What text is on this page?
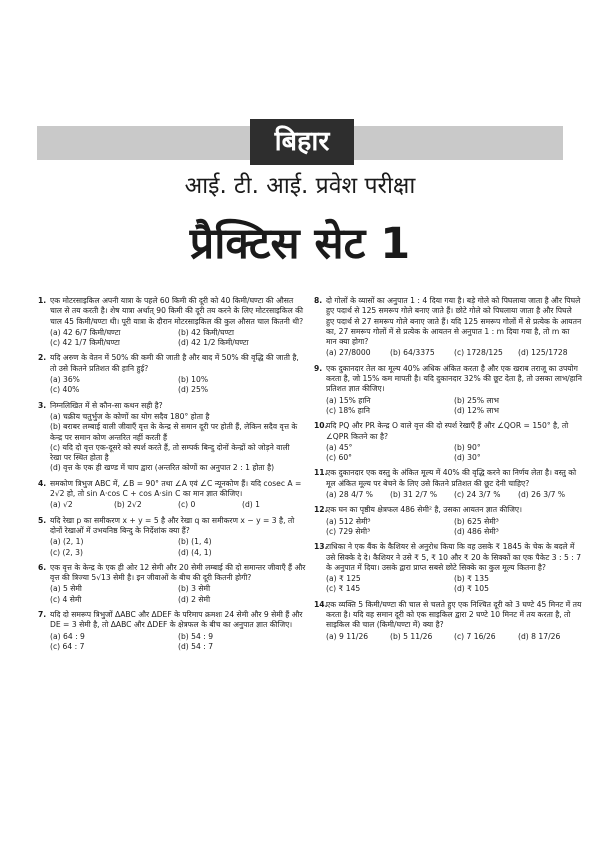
बिहार
आई. टी. आई. प्रवेश परीक्षा
प्रैक्टिस सेट 1
1. एक मोटरसाइकिल अपनी यात्रा के पहले 60 किमी की दूरी को 40 किमी/घण्टा की औसत चाल से तय करती है। शेष यात्रा अर्थात् 90 किमी की दूरी तय करने के लिए मोटरसाइकिल की चाल 45 किमी/घण्टा थी। पूरी यात्रा के दौरान मोटरसाइकिल की कुल औसत चाल कितनी थी?
(a) 42 6/7 किमी/घण्टा	(b) 42 किमी/घण्टा
(c) 42 1/7 किमी/घण्टा	(d) 42 1/2 किमी/घण्टा
2. यदि अरुण के वेतन में 50% की कमी की जाती है और बाद में 50% की वृद्धि की जाती है, तो उसे कितने प्रतिशत की हानि हुई?
(a) 36%	(b) 10%
(c) 40%	(d) 25%
3. निम्नलिखित में से कौन-सा कथन सही है?
(a) चक्रीय चतुर्भुज के कोणों का योग सदैव 180° होता है
(b) बराबर लम्बाई वाली जीवाएँ वृत्त के केन्द्र से समान दूरी पर होती हैं, लेकिन सदैव वृत्त के केन्द्र पर समान कोण अन्तरित नहीं करती हैं
(c) यदि दो वृत्त एक-दूसरे को स्पर्श करते हैं, तो सम्पर्क बिन्दु दोनों केन्द्रों को जोड़ने वाली रेखा पर स्थित होता है
(d) वृत्त के एक ही खण्ड में चाप द्वारा (अन्तरित कोणों का अनुपात 2 : 1 होता है)
4. समकोण त्रिभुज ABC में, ∠B = 90° तथा ∠A एवं ∠C न्यूनकोण हैं। यदि cosec A = 2√2 हो, तो sin A·cos C + cos A·sin C का मान ज्ञात कीजिए।
(a) √2	(b) 2√2	(c) 0	(d) 1
5. यदि रेखा p का समीकरण x + y = 5 है और रेखा q का समीकरण x − y = 3 है, तो दोनों रेखाओं में उभयनिष्ठ बिन्दु के निर्देशांक क्या हैं?
(a) (2, 1)	(b) (1, 4)
(c) (2, 3)	(d) (4, 1)
6. एक वृत्त के केन्द्र के एक ही ओर 12 सेमी और 20 सेमी लम्बाई की दो समान्तर जीवाएँ हैं और वृत्त की त्रिज्या 5√13 सेमी है। इन जीवाओं के बीच की दूरी कितनी होगी?
(a) 5 सेमी	(b) 3 सेमी
(c) 4 सेमी	(d) 2 सेमी
7. यदि दो समरूप त्रिभुजों ΔABC और ΔDEF के परिमाप क्रमशः 24 सेमी और 9 सेमी हैं और DE = 3 सेमी है, तो ΔABC और ΔDEF के क्षेत्रफल के बीच का अनुपात ज्ञात कीजिए।
(a) 64 : 9	(b) 54 : 9
(c) 64 : 7	(d) 54 : 7
8. दो गोलों के व्यासों का अनुपात 1 : 4 दिया गया है। बड़े गोले को पिघलाया जाता है और पिघले हुए पदार्थ से 125 समरूप गोले बनाए जाते हैं। छोटे गोले को पिघलाया जाता है और पिघले हुए पदार्थ से 27 समरूप गोले बनाए जाते हैं। यदि 125 समरूप गोलों में से प्रत्येक के आयतन का, 27 समरूप गोलों में से प्रत्येक के आयतन से अनुपात 1 : m दिया गया है, तो m का मान क्या होगा?
(a) 27/8000	(b) 64/3375	(c) 1728/125	(d) 125/1728
9. एक दुकानदार तेल का मूल्य 40% अधिक अंकित करता है और एक खराब तराजू का उपयोग करता है, जो 15% कम मापती है। यदि दुकानदार 32% की छूट देता है, तो उसका लाभ/हानि प्रतिशत ज्ञात कीजिए।
(a) 15% हानि	(b) 25% लाभ
(c) 18% हानि	(d) 12% लाभ
10.
यदि PQ और PR केन्द्र O वाले वृत्त की दो स्पर्श रेखाएँ हैं और ∠QOR = 150° है, तो ∠QPR कितने का है?
(a) 45°	(b) 90°
(c) 60°	(d) 30°
11.
एक दुकानदार एक वस्तु के अंकित मूल्य में 40% की वृद्धि करने का निर्णय लेता है। वस्तु को मूल अंकित मूल्य पर बेचने के लिए उसे कितने प्रतिशत की छूट देनी चाहिए?
(a) 28 4/7 %	(b) 31 2/7 %	(c) 24 3/7 %	(d) 26 3/7 %
12.
एक घन का पृष्ठीय क्षेत्रफल 486 सेमी² है, उसका आयतन ज्ञात कीजिए।
(a) 512 सेमी³	(b) 625 सेमी³
(c) 729 सेमी³	(d) 486 सेमी³
13.
राधिका ने एक बैंक के कैशियर से अनुरोध किया कि वह उसके ₹ 1845 के चेक के बदले में उसे सिक्के दे दे। कैशियर ने उसे ₹ 5, ₹ 10 और ₹ 20 के सिक्कों का एक पैकेट 3 : 5 : 7 के अनुपात में दिया। उसके द्वारा प्राप्त सबसे छोटे सिक्के का कुल मूल्य कितना है?
(a) ₹ 125	(b) ₹ 135
(c) ₹ 145	(d) ₹ 105
14.
एक व्यक्ति 5 किमी/घण्टा की चाल से चलते हुए एक निश्चित दूरी को 3 घण्टे 45 मिनट में तय करता है। यदि वह समान दूरी को एक साइकिल द्वारा 2 घण्टे 10 मिनट में तय करता है, तो साइकिल की चाल (किमी/घण्टा में) क्या है?
(a) 9 11/26	(b) 5 11/26	(c) 7 16/26	(d) 8 17/26
